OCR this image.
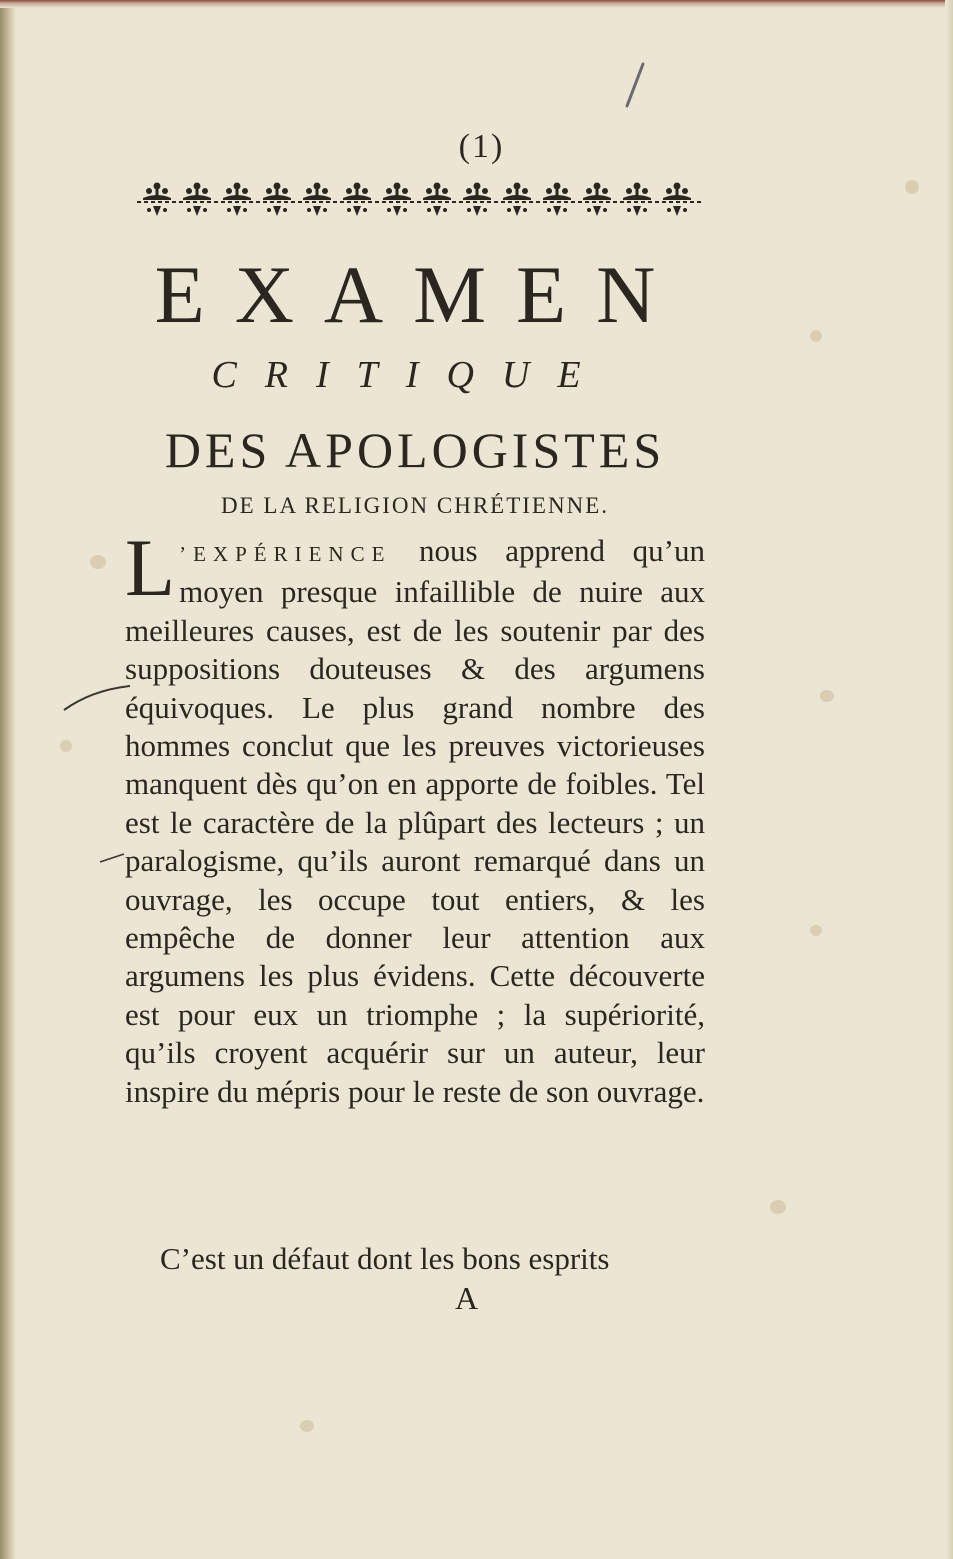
(1)
EXAMEN
CRITIQUE
DES APOLOGISTES
DE LA RELIGION CHRÉTIENNE.
L ’EXPÉRIENCE nous apprend qu’un moyen presque infaillible de nuire aux meilleures causes, est de les soutenir par des suppositions douteuses & des argumens équivoques. Le plus grand nombre des hommes conclut que les preuves victorieuses manquent dès qu’on en apporte de foibles. Tel est le caractère de la plûpart des lecteurs ; un paralogisme, qu’ils auront remarqué dans un ouvrage, les occupe tout entiers, & les empêche de donner leur attention aux argumens les plus évidens. Cette découverte est pour eux un triomphe ; la supériorité, qu’ils croyent acquérir sur un auteur, leur inspire du mépris pour le reste de son ouvrage.
C’est un défaut dont les bons esprits
A
